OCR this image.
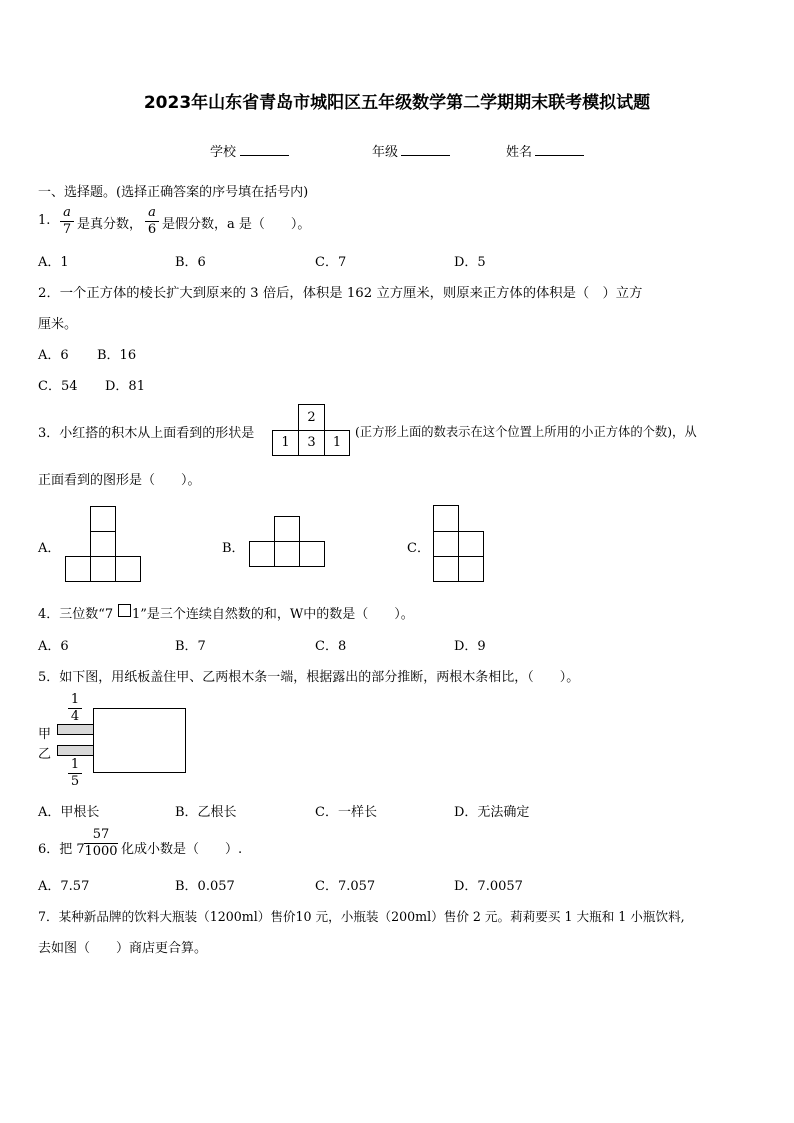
2023年山东省青岛市城阳区五年级数学第二学期期末联考模拟试题
学校	年级	姓名
一、选择题。(选择正确答案的序号填在括号内)
1.
a
7 是真分数，
a
6 是假分数，a 是（　　）。
A．1	B．6	C．7	D．5
2．一个正方体的棱长扩大到原来的 3 倍后，体积是 162 立方厘米，则原来正方体的体积是（　）立方
厘米。
A．6 B．16
C．54 D．81
3．小红搭的积木从上面看到的形状是
2
1	3	1
(正方形上面的数表示在这个位置上所用的小正方体的个数)，从
正面看到的图形是（　　）。
A．	B．	C．
4．三位数“7 1”是三个连续自然数的和，W中的数是（　　）。
A．6	B．7	C．8	D．9
5．如下图，用纸板盖住甲、乙两根木条一端，根据露出的部分推断，两根木条相比，（　　）。
1
4
甲
乙
1
5
A．甲根长	B．乙根长	C．一样长	D．无法确定
6．把 7
57
1000 化成小数是（　　）.
A．7.57	B．0.057	C．7.057	D．7.0057
7．某种新品牌的饮料大瓶装（1200ml）售价10 元，小瓶装（200ml）售价 2 元。莉莉要买 1 大瓶和 1 小瓶饮料,
去如图（　　）商店更合算。
